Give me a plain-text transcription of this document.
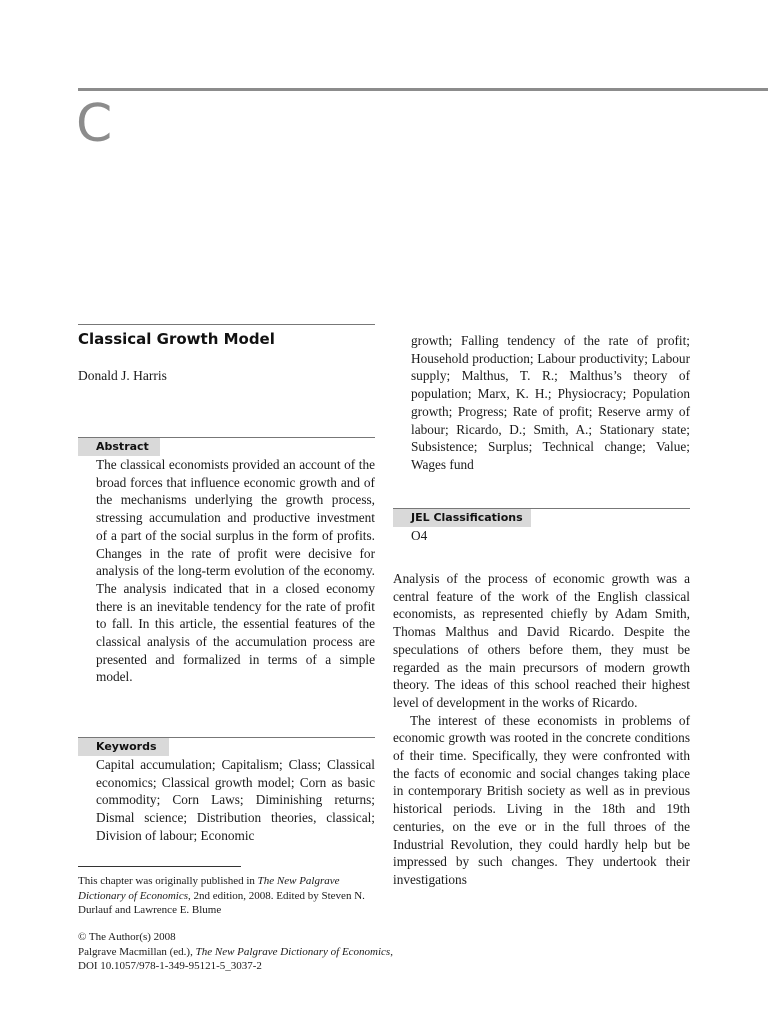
C
Classical Growth Model
Donald J. Harris
Abstract
The classical economists provided an account of the broad forces that influence economic growth and of the mechanisms underlying the growth process, stressing accumulation and productive investment of a part of the social surplus in the form of profits. Changes in the rate of profit were decisive for analysis of the long-term evolution of the economy. The analysis indicated that in a closed economy there is an inevitable tendency for the rate of profit to fall. In this article, the essential features of the classical analysis of the accumulation process are presented and formalized in terms of a simple model.
Keywords
Capital accumulation; Capitalism; Class; Classical economics; Classical growth model; Corn as basic commodity; Corn Laws; Diminishing returns; Dismal science; Distribution theories, classical; Division of labour; Economic
growth; Falling tendency of the rate of profit; Household production; Labour productivity; Labour supply; Malthus, T. R.; Malthus’s theory of population; Marx, K. H.; Physiocracy; Population growth; Progress; Rate of profit; Reserve army of labour; Ricardo, D.; Smith, A.; Stationary state; Subsistence; Surplus; Technical change; Value; Wages fund
JEL Classifications
O4

Analysis of the process of economic growth was a central feature of the work of the English classical economists, as represented chiefly by Adam Smith, Thomas Malthus and David Ricardo. Despite the speculations of others before them, they must be regarded as the main precursors of modern growth theory. The ideas of this school reached their highest level of development in the works of Ricardo.

The interest of these economists in problems of economic growth was rooted in the concrete conditions of their time. Specifically, they were confronted with the facts of economic and social changes taking place in contemporary British society as well as in previous historical periods. Living in the 18th and 19th centuries, on the eve or in the full throes of the Industrial Revolution, they could hardly help but be impressed by such changes. They undertook their investigations

This chapter was originally published in The New Palgrave Dictionary of Economics, 2nd edition, 2008. Edited by Steven N. Durlauf and Lawrence E. Blume
© The Author(s) 2008
Palgrave Macmillan (ed.), The New Palgrave Dictionary of Economics,
DOI 10.1057/978-1-349-95121-5_3037-2
